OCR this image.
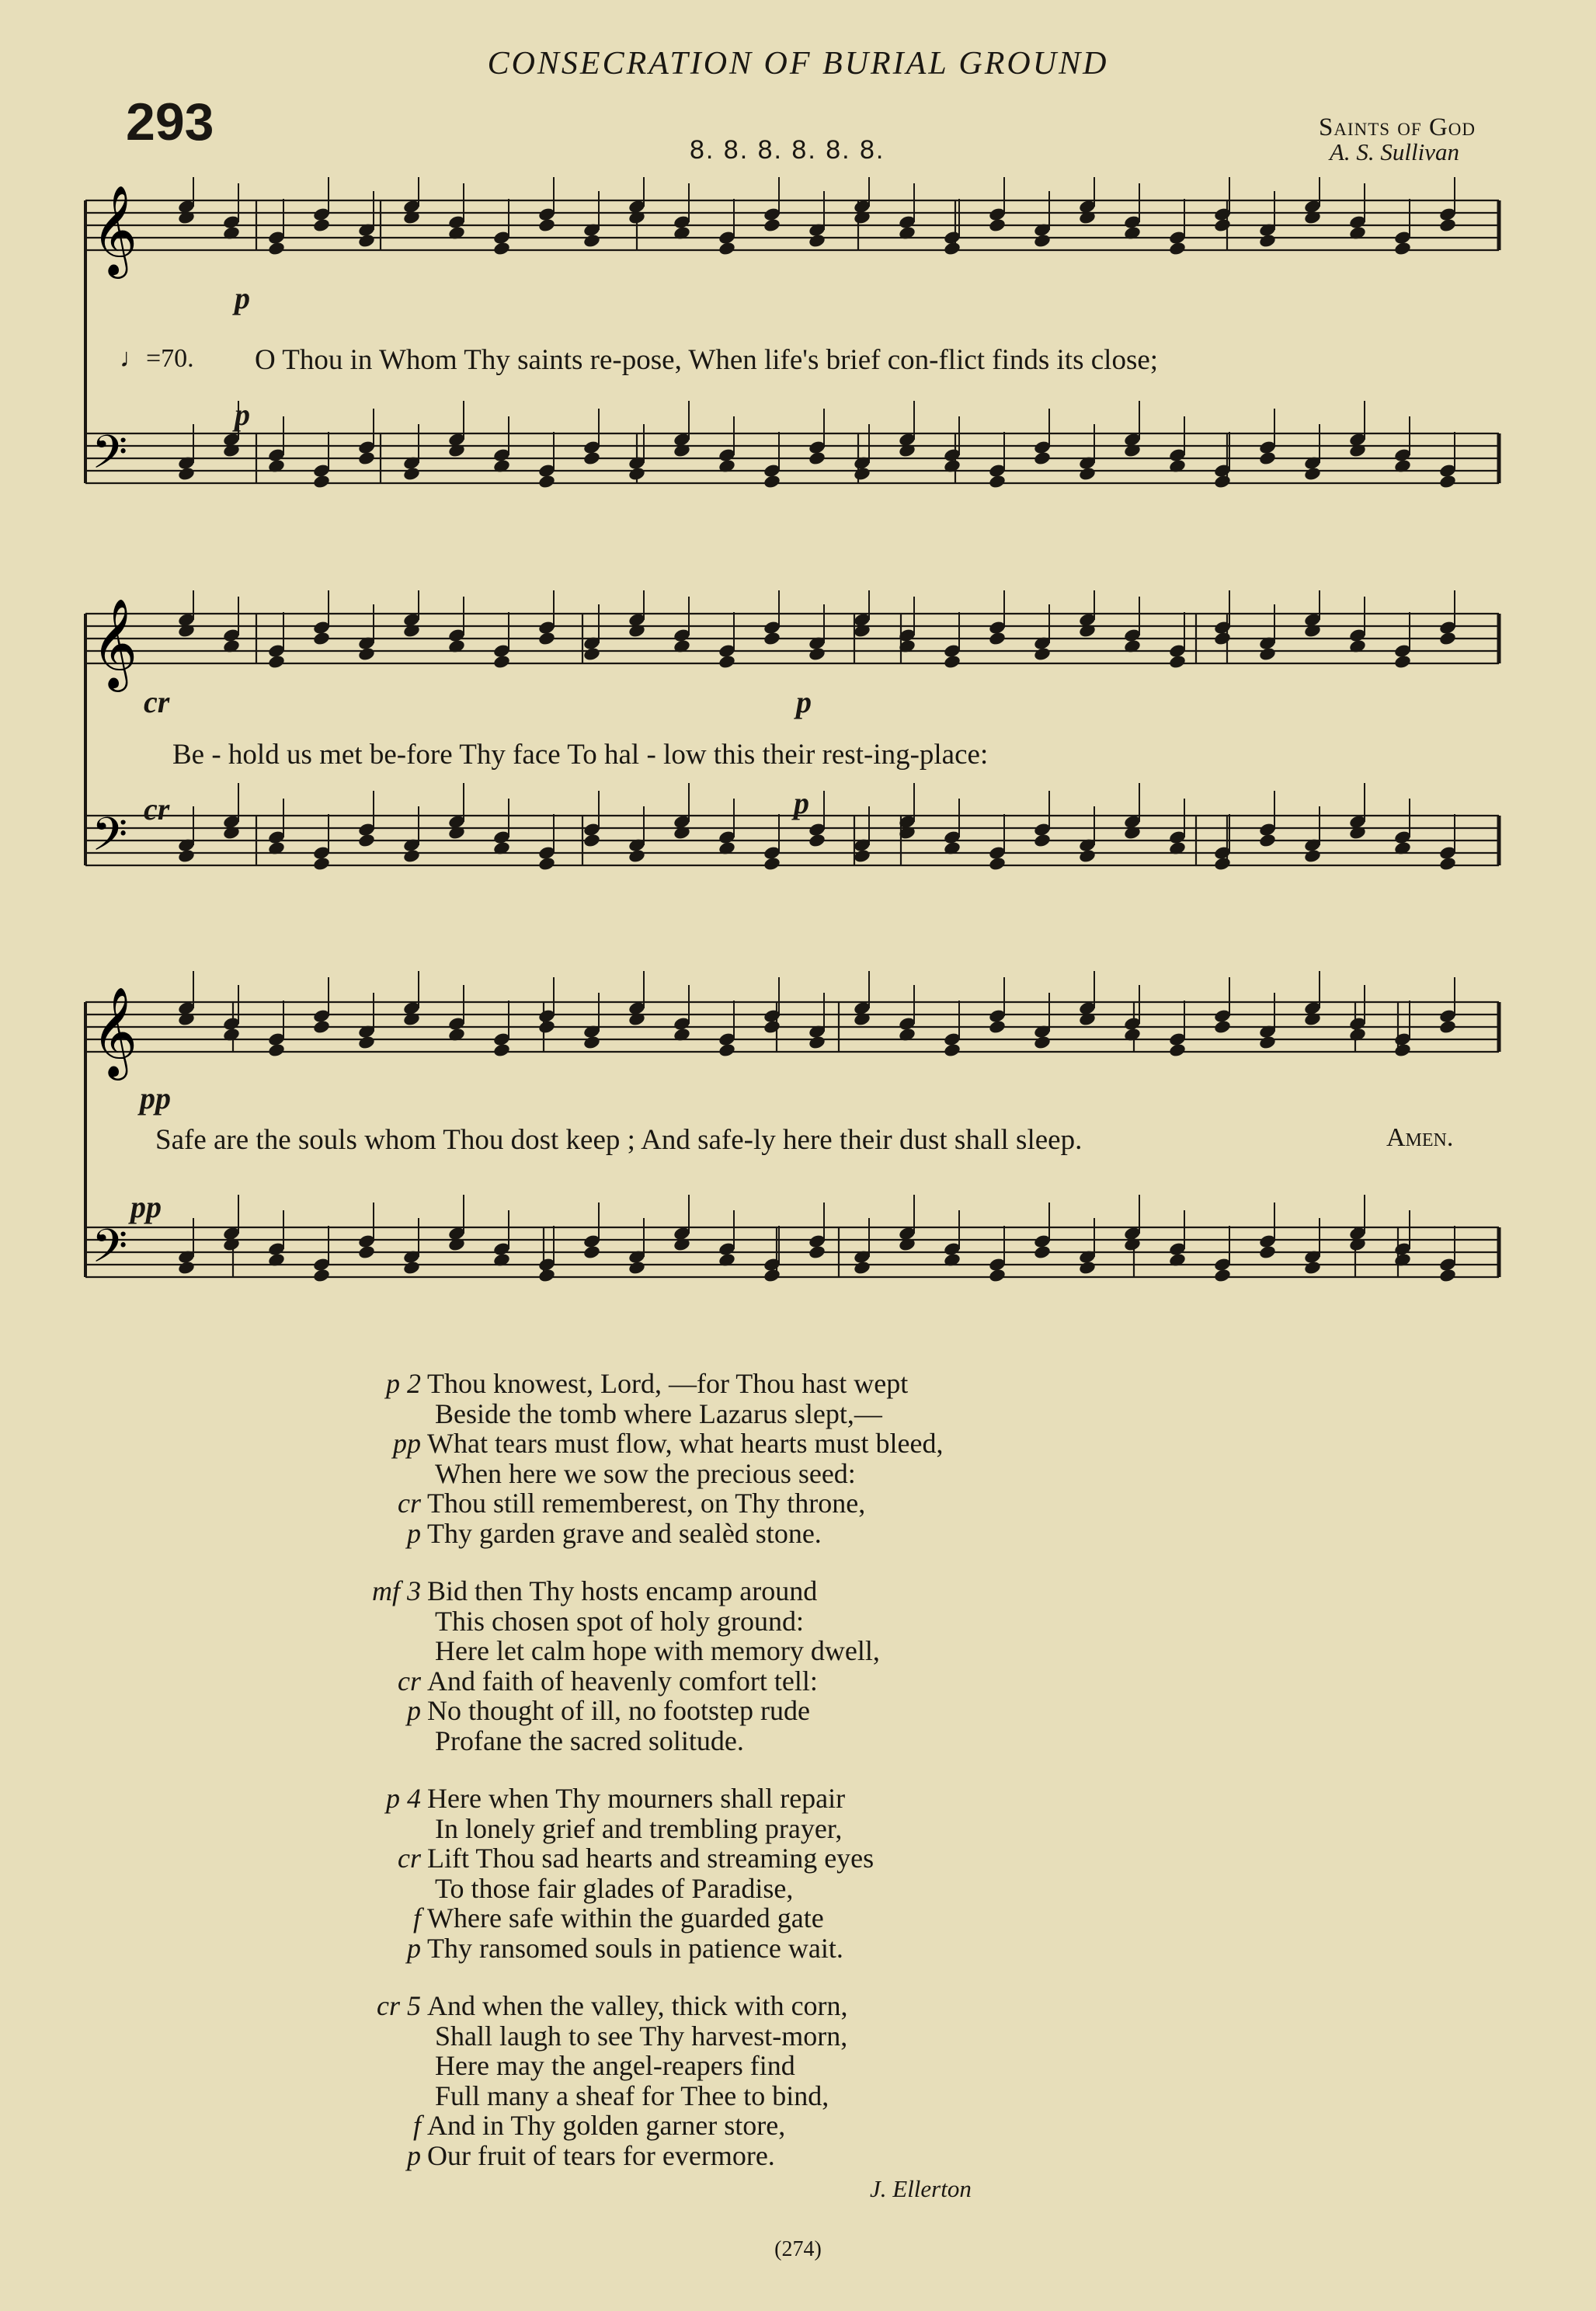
CONSECRATION OF BURIAL GROUND
293	8. 8. 8. 8. 8. 8.
Saints of God
A. S. Sullivan
𝄞
𝄢
♩=70. O Thou in Whom Thy saints re-pose, When life's brief con-flict finds its close;
p
p
𝄞
𝄢
Be - hold us met be-fore Thy face To hal - low this their rest-ing-place:
cr	p
cr	p
𝄞
𝄢
Safe are the souls whom Thou dost keep ; And safe-ly here their dust shall sleep.	Amen.
pp
pp
p 2 Thou knowest, Lord, —for Thou hast wept
Beside the tomb where Lazarus slept,—
pp What tears must flow, what hearts must bleed,
When here we sow the precious seed:
cr Thou still rememberest, on Thy throne,
p Thy garden grave and sealèd stone.
mf 3 Bid then Thy hosts encamp around
This chosen spot of holy ground:
Here let calm hope with memory dwell,
cr And faith of heavenly comfort tell:
p No thought of ill, no footstep rude
Profane the sacred solitude.
p 4 Here when Thy mourners shall repair
In lonely grief and trembling prayer,
cr Lift Thou sad hearts and streaming eyes
To those fair glades of Paradise,
f Where safe within the guarded gate
p Thy ransomed souls in patience wait.
cr 5 And when the valley, thick with corn,
Shall laugh to see Thy harvest-morn,
Here may the angel-reapers find
Full many a sheaf for Thee to bind,
f And in Thy golden garner store,
p Our fruit of tears for evermore.
J. Ellerton
(274)
